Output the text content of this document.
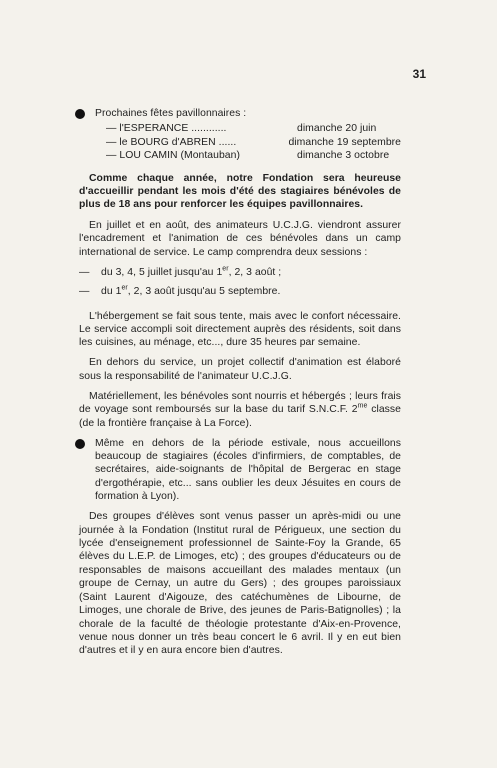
31

Prochaines fêtes pavillonnaires :

— l'ESPERANCE ............	dimanche 20 juin
— le BOURG d'ABREN ......	dimanche 19 septembre
— LOU CAMIN (Montauban)	dimanche 3 octobre

Comme chaque année, notre Fondation sera heureuse d'accueillir pendant les mois d'été des stagiaires bénévoles de plus de 18 ans pour renforcer les équipes pavillonnaires.

En juillet et en août, des animateurs U.C.J.G. viendront assurer l'encadrement et l'animation de ces bénévoles dans un camp international de service. Le camp comprendra deux sessions :

—	du 3, 4, 5 juillet jusqu'au 1er, 2, 3 août ;
—	du 1er, 2, 3 août jusqu'au 5 septembre.

L'hébergement se fait sous tente, mais avec le confort nécessaire. Le service accompli soit directement auprès des résidents, soit dans les cuisines, au ménage, etc..., dure 35 heures par semaine.

En dehors du service, un projet collectif d'animation est élaboré sous la responsabilité de l'animateur U.C.J.G.

Matériellement, les bénévoles sont nourris et hébergés ; leurs frais de voyage sont remboursés sur la base du tarif S.N.C.F. $2^{me}$ classe (de la frontière française à La Force).

Même en dehors de la période estivale, nous accueillons beaucoup de stagiaires (écoles d'infirmiers, de comptables, de secrétaires, aide-soignants de l'hôpital de Bergerac en stage d'ergothérapie, etc... sans oublier les deux Jésuites en cours de formation à Lyon).

Des groupes d'élèves sont venus passer un après-midi ou une journée à la Fondation (Institut rural de Périgueux, une section du lycée d'enseignement professionnel de Sainte-Foy la Grande, 65 élèves du L.E.P. de Limoges, etc) ; des groupes d'éducateurs ou de responsables de maisons accueillant des malades mentaux (un groupe de Cernay, un autre du Gers) ; des groupes paroissiaux (Saint Laurent d'Aigouze, des catéchumènes de Libourne, de Limoges, une chorale de Brive, des jeunes de Paris-Batignolles) ; la chorale de la faculté de théologie protestante d'Aix-en-Provence, venue nous donner un très beau concert le 6 avril. Il y en eut bien d'autres et il y en aura encore bien d'autres.
